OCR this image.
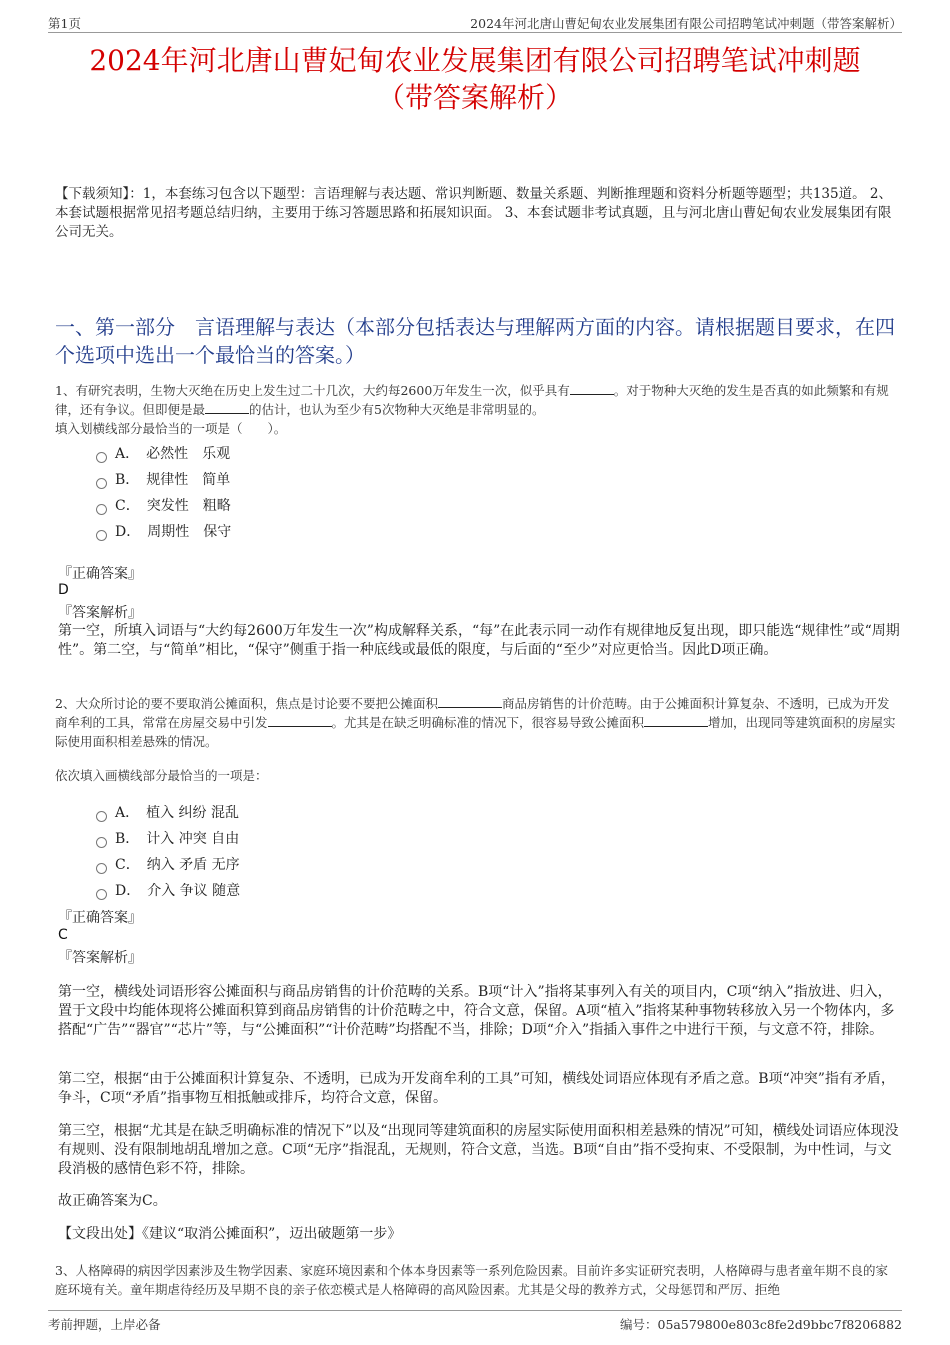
第1页	2024年河北唐山曹妃甸农业发展集团有限公司招聘笔试冲刺题（带答案解析）
2024年河北唐山曹妃甸农业发展集团有限公司招聘笔试冲刺题
（带答案解析）
【下载须知】：1，本套练习包含以下题型：言语理解与表达题、常识判断题、数量关系题、判断推理题和资料分析题等题型；共135道。 2、本套试题根据常见招考题总结归纳，主要用于练习答题思路和拓展知识面。 3、本套试题非考试真题，且与河北唐山曹妃甸农业发展集团有限公司无关。
一、第一部分　言语理解与表达（本部分包括表达与理解两方面的内容。请根据题目要求，在四个选项中选出一个最恰当的答案。）
1、有研究表明，生物大灭绝在历史上发生过二十几次，大约每2600万年发生一次，似乎具有	。对于物种大灭绝的发生是否真的如此频繁和有规律，还有争议。但即便是最	的估计，也认为至少有5次物种大灭绝是非常明显的。
填入划横线部分最恰当的一项是（　　）。
A．　必然性　乐观
B．　规律性　简单
C．　突发性　粗略
D．　周期性　保守
『正确答案』
D
『答案解析』
第一空，所填入词语与“大约每2600万年发生一次”构成解释关系，“每”在此表示同一动作有规律地反复出现，即只能选“规律性”或“周期性”。第二空，与“简单”相比，“保守”侧重于指一种底线或最低的限度，与后面的“至少”对应更恰当。因此D项正确。
2、大众所讨论的要不要取消公摊面积，焦点是讨论要不要把公摊面积	商品房销售的计价范畴。由于公摊面积计算复杂、不透明，已成为开发商牟利的工具，常常在房屋交易中引发	。尤其是在缺乏明确标准的情况下，很容易导致公摊面积	增加，出现同等建筑面积的房屋实际使用面积相差悬殊的情况。
依次填入画横线部分最恰当的一项是：
A．　植入 纠纷 混乱
B．　计入 冲突 自由
C．　纳入 矛盾 无序
D．　介入 争议 随意
『正确答案』
C
『答案解析』
第一空，横线处词语形容公摊面积与商品房销售的计价范畴的关系。B项“计入”指将某事列入有关的项目内，C项“纳入”指放进、归入，置于文段中均能体现将公摊面积算到商品房销售的计价范畴之中，符合文意，保留。A项“植入”指将某种事物转移放入另一个物体内，多搭配“广告”“器官”“芯片”等，与“公摊面积”“计价范畴”均搭配不当，排除；D项“介入”指插入事件之中进行干预，与文意不符，排除。
第二空，根据“由于公摊面积计算复杂、不透明，已成为开发商牟利的工具”可知，横线处词语应体现有矛盾之意。B项“冲突”指有矛盾，争斗，C项“矛盾”指事物互相抵触或排斥，均符合文意，保留。
第三空，根据“尤其是在缺乏明确标准的情况下”以及“出现同等建筑面积的房屋实际使用面积相差悬殊的情况”可知，横线处词语应体现没有规则、没有限制地胡乱增加之意。C项“无序”指混乱，无规则，符合文意，当选。B项“自由”指不受拘束、不受限制，为中性词，与文段消极的感情色彩不符，排除。
故正确答案为C。
【文段出处】《建议“取消公摊面积”，迈出破题第一步》
3、人格障碍的病因学因素涉及生物学因素、家庭环境因素和个体本身因素等一系列危险因素。目前许多实证研究表明，人格障碍与患者童年期不良的家庭环境有关。童年期虐待经历及早期不良的亲子依恋模式是人格障碍的高风险因素。尤其是父母的教养方式，父母惩罚和严厉、拒绝
考前押题，上岸必备	编号：05a579800e803c8fe2d9bbc7f8206882
